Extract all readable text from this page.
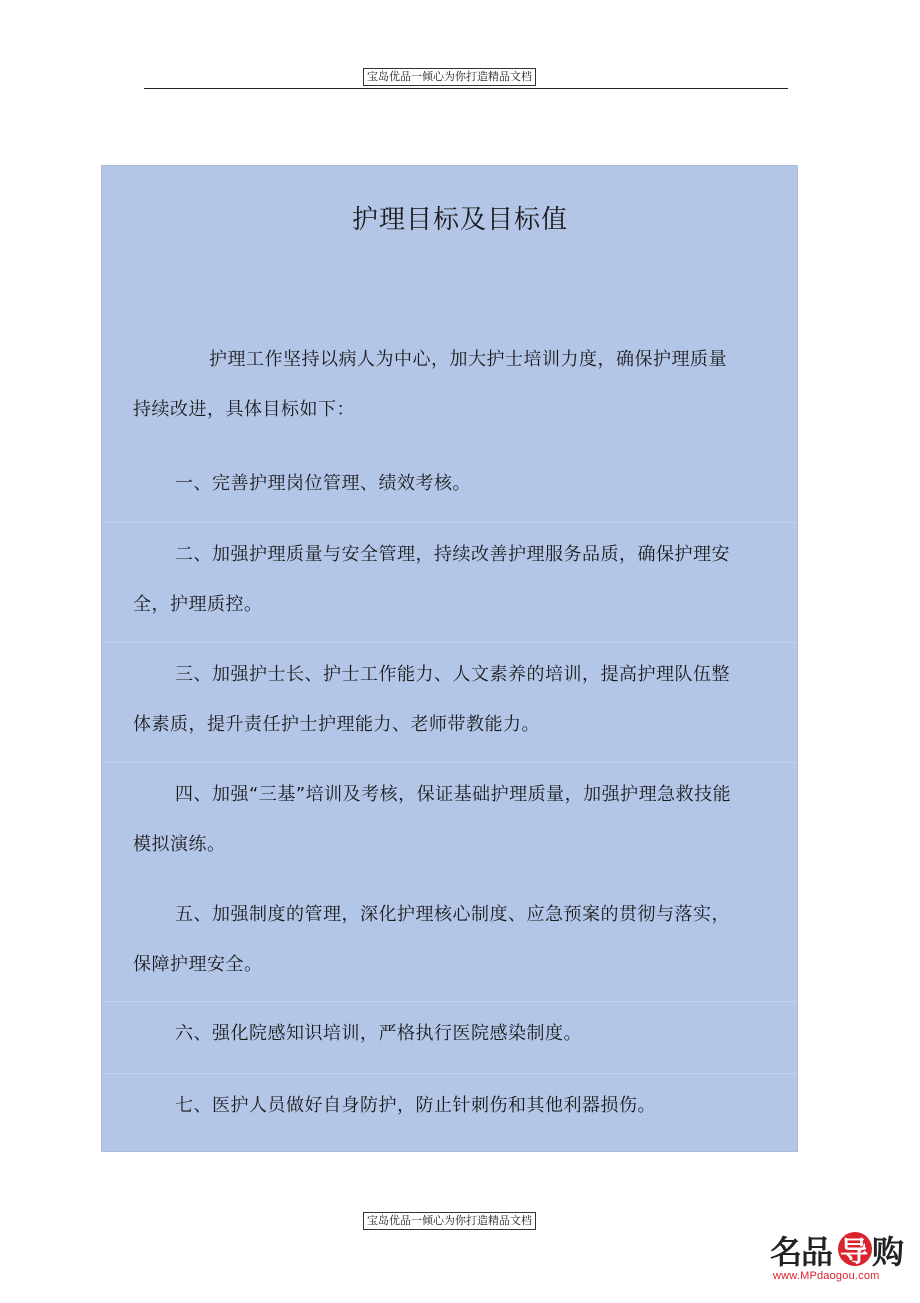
宝岛优品一倾心为你打造精品文档
护理目标及目标值
护理工作坚持以病人为中心，加大护士培训力度，确保护理质量持续改进，具体目标如下：
一、完善护理岗位管理、绩效考核。
二、加强护理质量与安全管理，持续改善护理服务品质，确保护理安全，护理质控。
三、加强护士长、护士工作能力、人文素养的培训，提高护理队伍整体素质，提升责任护士护理能力、老师带教能力。
四、加强“三基”培训及考核，保证基础护理质量，加强护理急救技能模拟演练。
五、加强制度的管理，深化护理核心制度、应急预案的贯彻与落实，保障护理安全。
六、强化院感知识培训，严格执行医院感染制度。
七、医护人员做好自身防护，防止针刺伤和其他利器损伤。
宝岛优品一倾心为你打造精品文档
名品 导 购
www.MPdaogou.com
